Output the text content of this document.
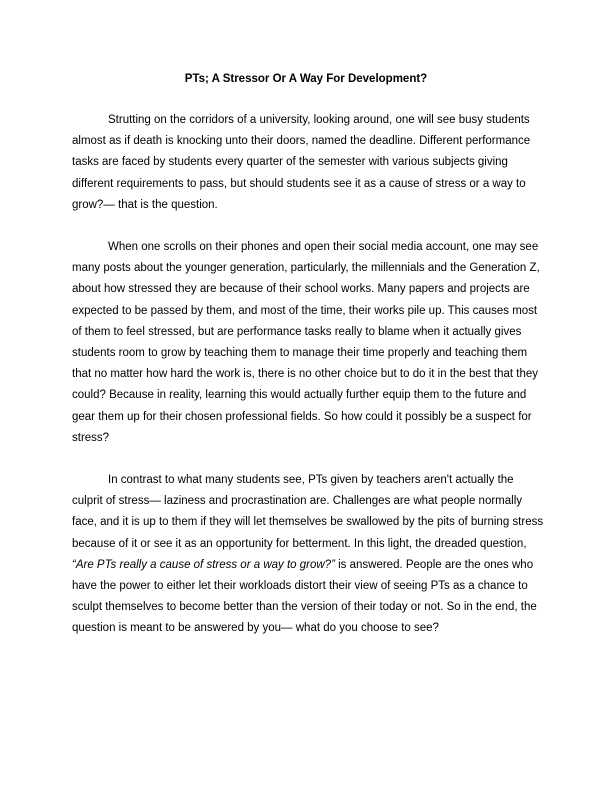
PTs; A Stressor Or A Way For Development?

Strutting on the corridors of a university, looking around, one will see busy students almost as if death is knocking unto their doors, named the deadline. Different performance tasks are faced by students every quarter of the semester with various subjects giving different requirements to pass, but should students see it as a cause of stress or a way to grow?— that is the question.

When one scrolls on their phones and open their social media account, one may see many posts about the younger generation, particularly, the millennials and the Generation Z, about how stressed they are because of their school works. Many papers and projects are expected to be passed by them, and most of the time, their works pile up. This causes most of them to feel stressed, but are performance tasks really to blame when it actually gives students room to grow by teaching them to manage their time properly and teaching them that no matter how hard the work is, there is no other choice but to do it in the best that they could? Because in reality, learning this would actually further equip them to the future and gear them up for their chosen professional fields. So how could it possibly be a suspect for stress?

In contrast to what many students see, PTs given by teachers aren't actually the culprit of stress— laziness and procrastination are. Challenges are what people normally face, and it is up to them if they will let themselves be swallowed by the pits of burning stress because of it or see it as an opportunity for betterment. In this light, the dreaded question, “Are PTs really a cause of stress or a way to grow?” is answered. People are the ones who have the power to either let their workloads distort their view of seeing PTs as a chance to sculpt themselves to become better than the version of their today or not. So in the end, the question is meant to be answered by you— what do you choose to see?
